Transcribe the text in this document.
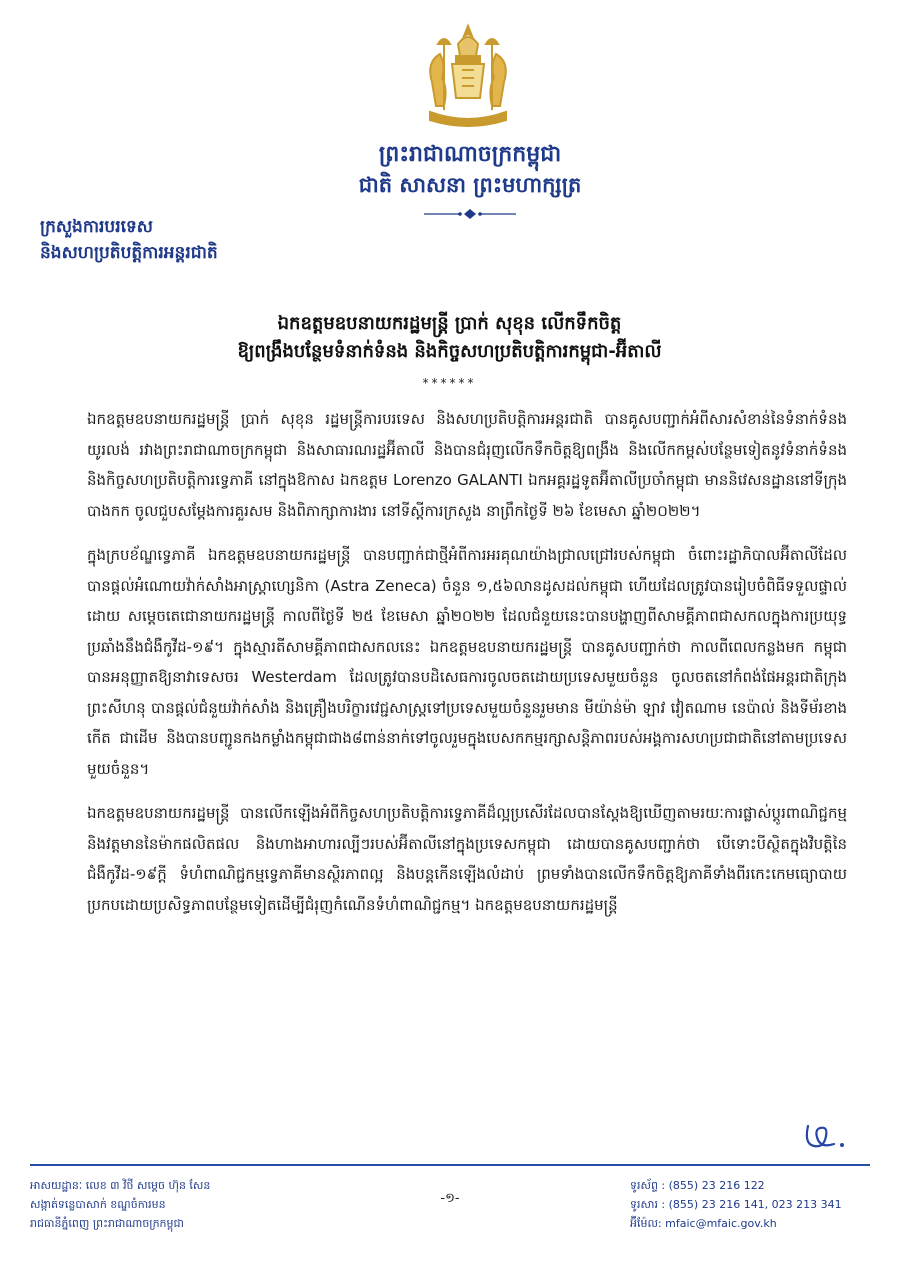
ព្រះរាជាណាចក្រកម្ពុជា
ជាតិ សាសនា ព្រះមហាក្សត្រ
ក្រសួងការបរទេស
និងសហប្រតិបត្តិការអន្តរជាតិ
ឯកឧត្តមឧបនាយករដ្ឋមន្ត្រី ប្រាក់ សុខុន លើកទឹកចិត្ត
ឱ្យពង្រឹងបន្ថែមទំនាក់ទំនង និងកិច្ចសហប្រតិបត្តិការកម្ពុជា-អ៊ីតាលី
******

ឯកឧត្តមឧបនាយករដ្ឋមន្ត្រី ប្រាក់ សុខុន រដ្ឋមន្ត្រីការបរទេស និងសហប្រតិបត្តិការអន្តរជាតិ បានគូសបញ្ជាក់អំពីសារសំខាន់នៃទំនាក់ទំនងយូរលង់ រវាងព្រះរាជាណាចក្រកម្ពុជា និងសាធារណរដ្ឋអ៊ីតាលី និងបានជំរុញលើកទឹកចិត្តឱ្យពង្រឹង និងលើកកម្ពស់បន្ថែមទៀតនូវទំនាក់ទំនង និងកិច្ចសហប្រតិបត្តិការទ្វេភាគី នៅក្នុងឱកាស ឯកឧត្តម Lorenzo GALANTI ឯកអគ្គរដ្ឋទូតអ៊ីតាលីប្រចាំកម្ពុជា មាននិវេសនដ្ឋាននៅទីក្រុងបាងកក ចូលជួបសម្តែងការគួរសម និងពិភាក្សាការងារ នៅទីស្តីការក្រសួង នាព្រឹកថ្ងៃទី ២៦ ខែមេសា ឆ្នាំ២០២២។

ក្នុងក្របខ័ណ្ឌទ្វេភាគី ឯកឧត្តមឧបនាយករដ្ឋមន្ត្រី បានបញ្ជាក់ជាថ្មីអំពីការអរគុណយ៉ាងជ្រាលជ្រៅរបស់កម្ពុជា ចំពោះរដ្ឋាភិបាលអ៊ីតាលីដែលបានផ្តល់អំណោយវ៉ាក់សាំងអាស្ត្រាហ្សេនិកា (Astra Zeneca) ចំនួន ១,៥៦លានដូសដល់កម្ពុជា ហើយដែលត្រូវបានរៀបចំពិធីទទួលផ្ទាល់ដោយ សម្តេចតេជោនាយករដ្ឋមន្ត្រី កាលពីថ្ងៃទី ២៥ ខែមេសា ឆ្នាំ២០២២ ដែលជំនួយនេះបានបង្ហាញពីសាមគ្គីភាពជាសកលក្នុងការប្រយុទ្ធប្រឆាំងនឹងជំងឺកូវីដ-១៩។ ក្នុងស្មារតីសាមគ្គីភាពជាសកលនេះ ឯកឧត្តមឧបនាយករដ្ឋមន្ត្រី បានគូសបញ្ជាក់ថា កាលពីពេលកន្លងមក កម្ពុជាបានអនុញ្ញាតឱ្យនាវាទេសចរ Westerdam ដែលត្រូវបានបដិសេធការចូលចតដោយប្រទេសមួយចំនួន ចូលចតនៅកំពង់ផែអន្តរជាតិក្រុងព្រះសីហនុ បានផ្តល់ជំនួយវ៉ាក់សាំង និងគ្រឿងបរិក្ខារវេជ្ជសាស្ត្រទៅប្រទេសមួយចំនួនរួមមាន មីយ៉ាន់ម៉ា ឡាវ វៀតណាម នេប៉ាល់ និងទីម័រខាងកើត ជាដើម និងបានបញ្ជូនកងកម្លាំងកម្ពុជាជាង៨ពាន់នាក់ទៅចូលរួមក្នុងបេសកកម្មរក្សាសន្តិភាពរបស់អង្គការសហប្រជាជាតិនៅតាមប្រទេសមួយចំនួន។

ឯកឧត្តមឧបនាយករដ្ឋមន្ត្រី បានលើកឡើងអំពីកិច្ចសហប្រតិបត្តិការទ្វេភាគីដ៏ល្អប្រសើរដែលបានស្តែងឱ្យឃើញតាមរយៈការផ្លាស់ប្តូរពាណិជ្ជកម្ម និងវត្តមាននៃម៉ាកផលិតផល និងហាងអាហារល្បីៗរបស់អ៊ីតាលីនៅក្នុងប្រទេសកម្ពុជា ដោយបានគូសបញ្ជាក់ថា បើទោះបីស្ថិតក្នុងវិបត្តិនៃជំងឺកូវីដ-១៩ក្តី ទំហំពាណិជ្ជកម្មទ្វេភាគីមានស្ថិរភាពល្អ និងបន្តកើនឡើងលំដាប់ ព្រមទាំងបានលើកទឹកចិត្តឱ្យភាគីទាំងពីរកេះកេមធ្យោបាយប្រកបដោយប្រសិទ្ធភាពបន្ថែមទៀតដើម្បីជំរុញកំណើនទំហំពាណិជ្ជកម្ម។ ឯកឧត្តមឧបនាយករដ្ឋមន្ត្រី

អាសយដ្ឋានៈ លេខ ៣ វិថី សម្តេច ហ៊ុន សែន
សង្កាត់ទន្លេបាសាក់ ខណ្ឌចំការមន
រាជធានីភ្នំពេញ ព្រះរាជាណាចក្រកម្ពុជា
-១-
ទូរស័ព្ទ : (855) 23 216 122
ទូរសារ : (855) 23 216 141, 023 213 341
អ៊ីម៉ែល: mfaic@mfaic.gov.kh
